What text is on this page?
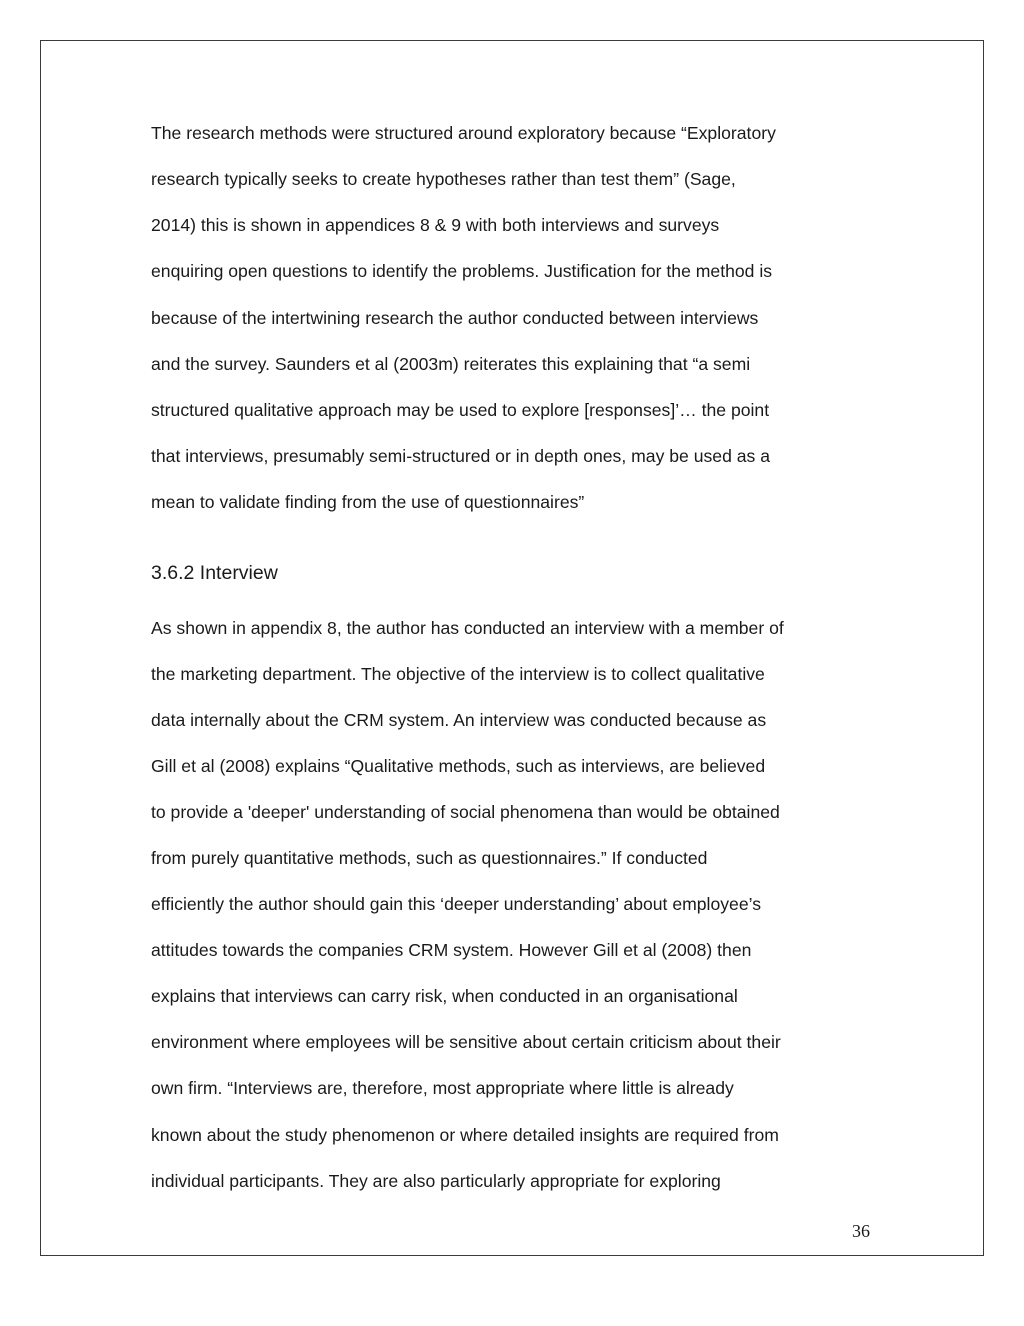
The research methods were structured around exploratory because “Exploratory

research typically seeks to create hypotheses rather than test them” (Sage,

2014) this is shown in appendices 8 & 9 with both interviews and surveys

enquiring open questions to identify the problems. Justification for the method is

because of the intertwining research the author conducted between interviews

and the survey. Saunders et al (2003m) reiterates this explaining that “a semi

structured qualitative approach may be used to explore [responses]’… the point

that interviews, presumably semi-structured or in depth ones, may be used as a

mean to validate finding from the use of questionnaires”

3.6.2 Interview

As shown in appendix 8, the author has conducted an interview with a member of

the marketing department. The objective of the interview is to collect qualitative

data internally about the CRM system. An interview was conducted because as

Gill et al (2008) explains “Qualitative methods, such as interviews, are believed

to provide a 'deeper' understanding of social phenomena than would be obtained

from purely quantitative methods, such as questionnaires.” If conducted

efficiently the author should gain this ‘deeper understanding’ about employee’s

attitudes towards the companies CRM system. However Gill et al (2008) then

explains that interviews can carry risk, when conducted in an organisational

environment where employees will be sensitive about certain criticism about their

own firm. “Interviews are, therefore, most appropriate where little is already

known about the study phenomenon or where detailed insights are required from

individual participants. They are also particularly appropriate for exploring

36
